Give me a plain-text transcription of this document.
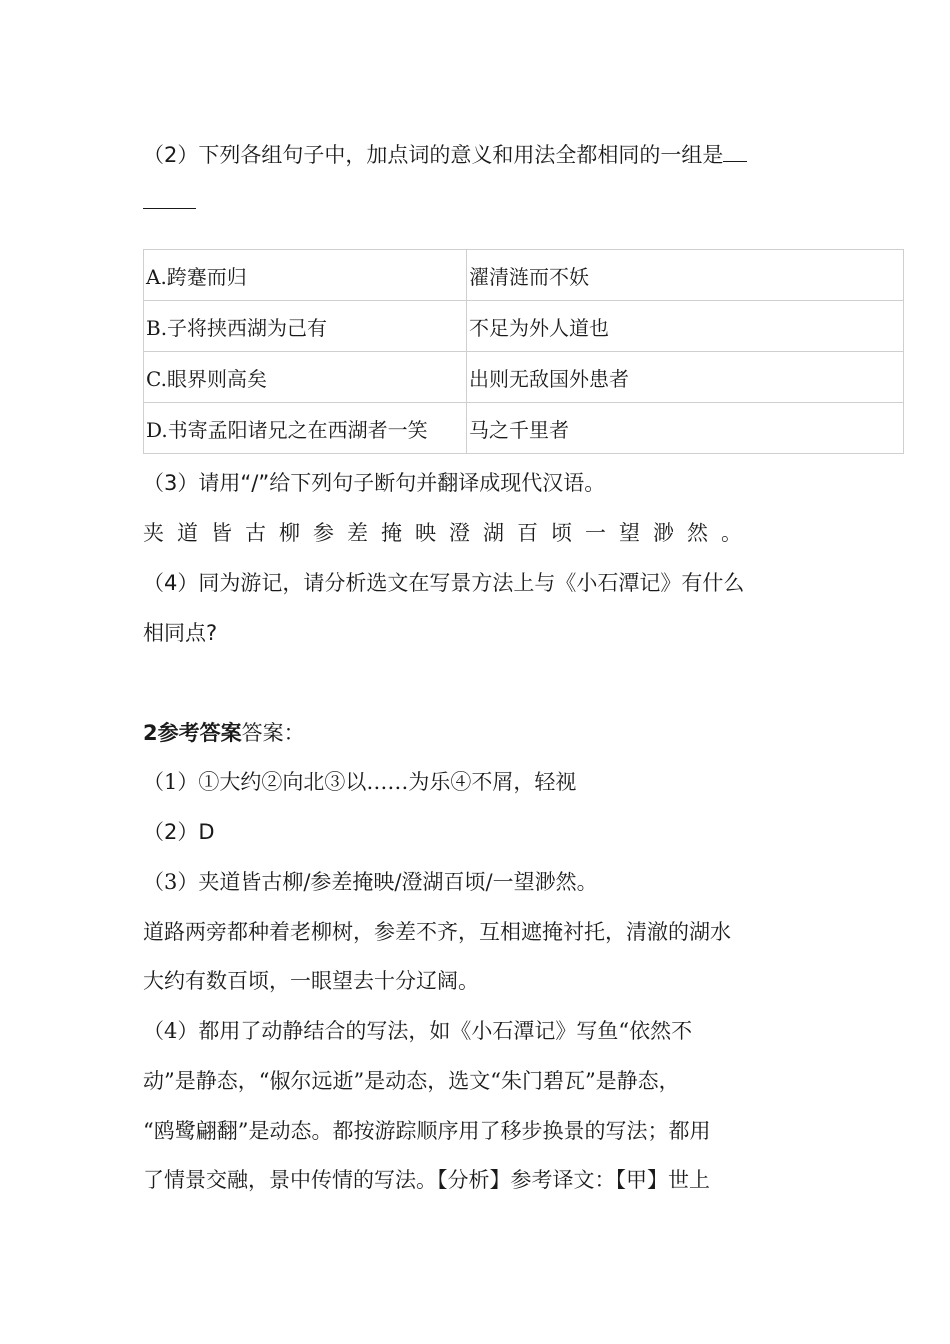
（2）下列各组句子中，加点词的意义和用法全都相同的一组是
A.跨蹇而归	濯清涟而不妖
B.子将挟西湖为己有	不足为外人道也
C.眼界则高矣	出则无敌国外患者
D.书寄孟阳诸兄之在西湖者一笑	马之千里者
（3）请用“/”给下列句子断句并翻译成现代汉语。
夹道皆古柳参差掩映澄湖百顷一望渺然。
（4）同为游记，请分析选文在写景方法上与《小石潭记》有什么
相同点?
2参考答案答案：
（1）①大约②向北③以……为乐④不屑，轻视
（2）D
（3）夹道皆古柳/参差掩映/澄湖百顷/一望渺然。
道路两旁都种着老柳树，参差不齐，互相遮掩衬托，清澈的湖水
大约有数百顷，一眼望去十分辽阔。
（4）都用了动静结合的写法，如《小石潭记》写鱼“依然不
动”是静态，“俶尔远逝”是动态，选文“朱门碧瓦”是静态，
“鸥鹭翩翻”是动态。都按游踪顺序用了移步换景的写法；都用
了情景交融，景中传情的写法。【分析】参考译文：【甲】世上
